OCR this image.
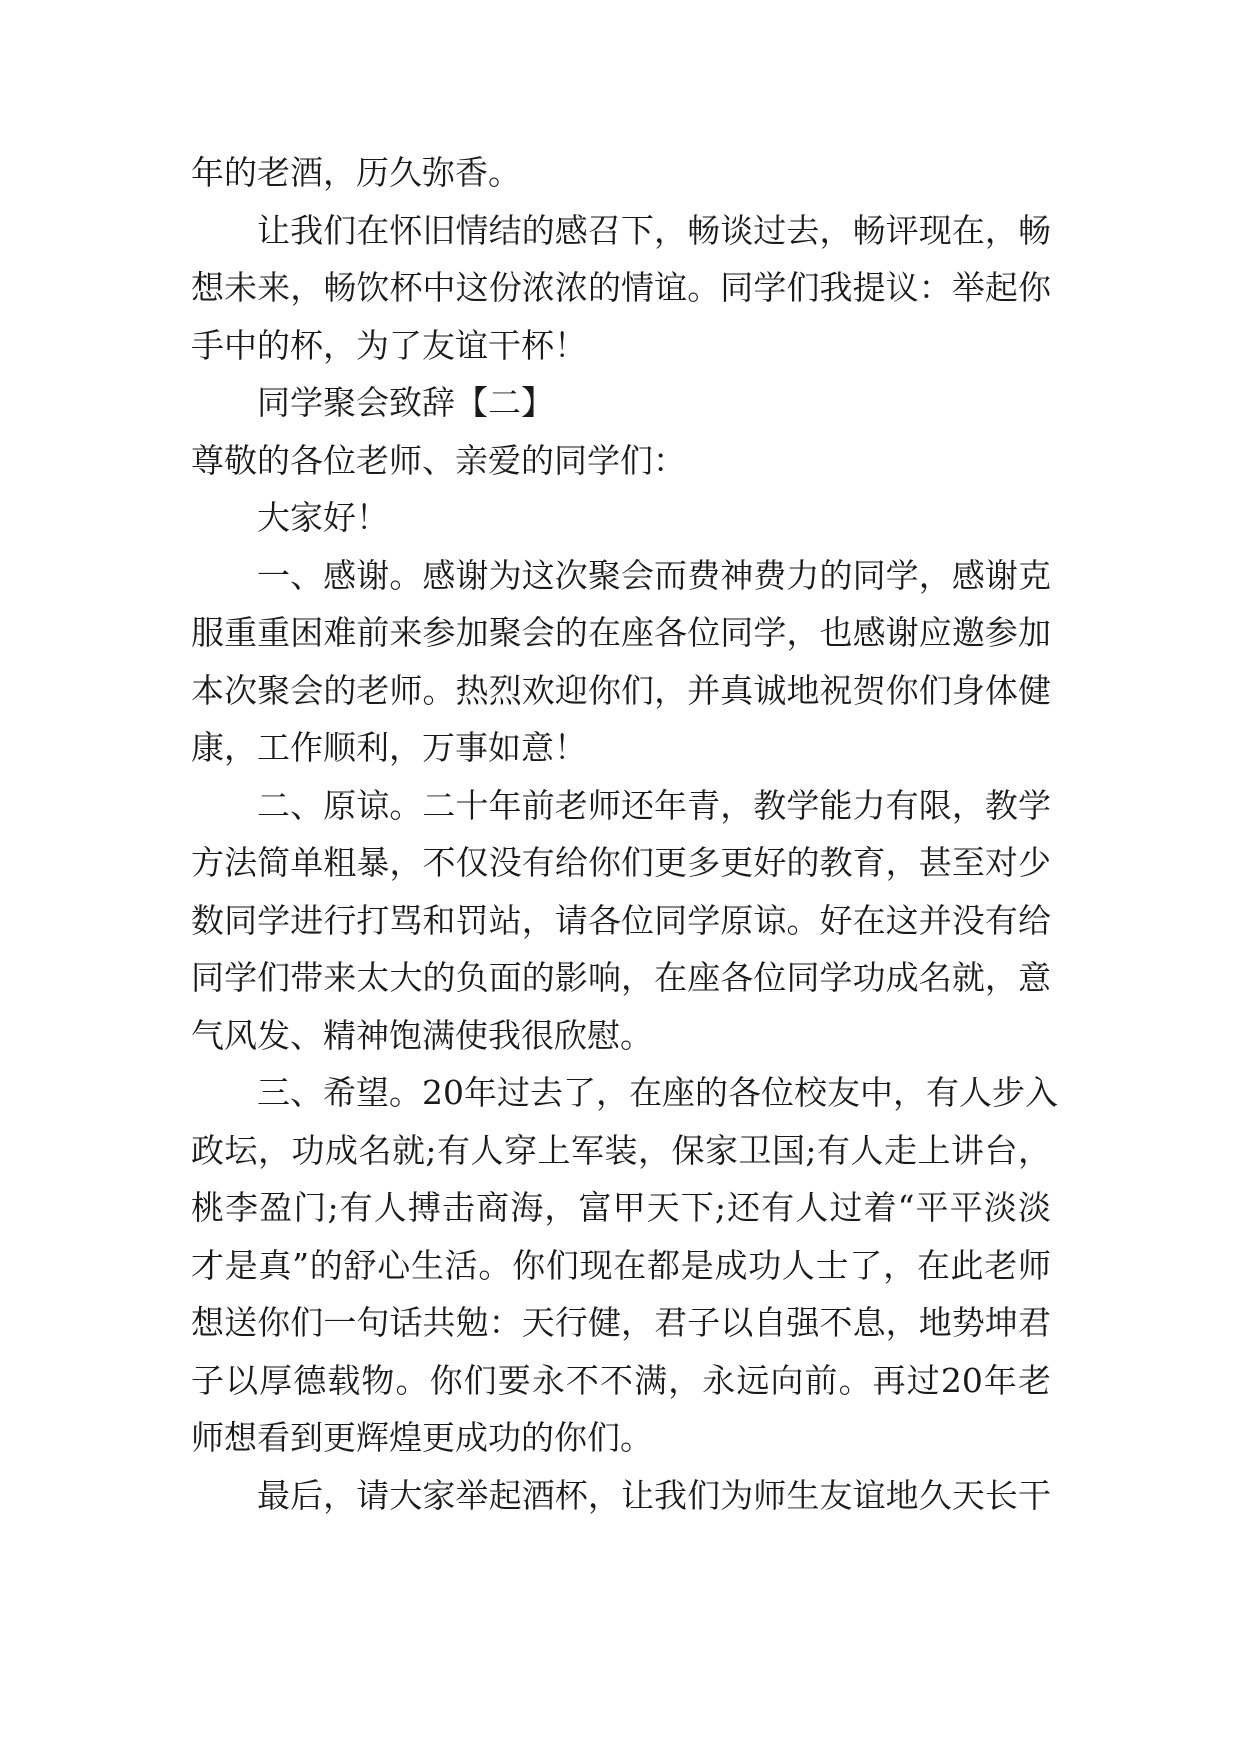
年的老酒，历久弥香。
让我们在怀旧情结的感召下，畅谈过去，畅评现在，畅
想未来，畅饮杯中这份浓浓的情谊。同学们我提议：举起你
手中的杯，为了友谊干杯！
同学聚会致辞【二】
尊敬的各位老师、亲爱的同学们：
大家好！
一、感谢。感谢为这次聚会而费神费力的同学，感谢克
服重重困难前来参加聚会的在座各位同学，也感谢应邀参加
本次聚会的老师。热烈欢迎你们，并真诚地祝贺你们身体健
康，工作顺利，万事如意！
二、原谅。二十年前老师还年青，教学能力有限，教学
方法简单粗暴，不仅没有给你们更多更好的教育，甚至对少
数同学进行打骂和罚站，请各位同学原谅。好在这并没有给
同学们带来太大的负面的影响，在座各位同学功成名就，意
气风发、精神饱满使我很欣慰。
三、希望。20年过去了，在座的各位校友中，有人步入
政坛，功成名就;有人穿上军装，保家卫国;有人走上讲台，
桃李盈门;有人搏击商海，富甲天下;还有人过着“平平淡淡
才是真”的舒心生活。你们现在都是成功人士了，在此老师
想送你们一句话共勉：天行健，君子以自强不息，地势坤君
子以厚德载物。你们要永不不满，永远向前。再过20年老
师想看到更辉煌更成功的你们。
最后，请大家举起酒杯，让我们为师生友谊地久天长干
